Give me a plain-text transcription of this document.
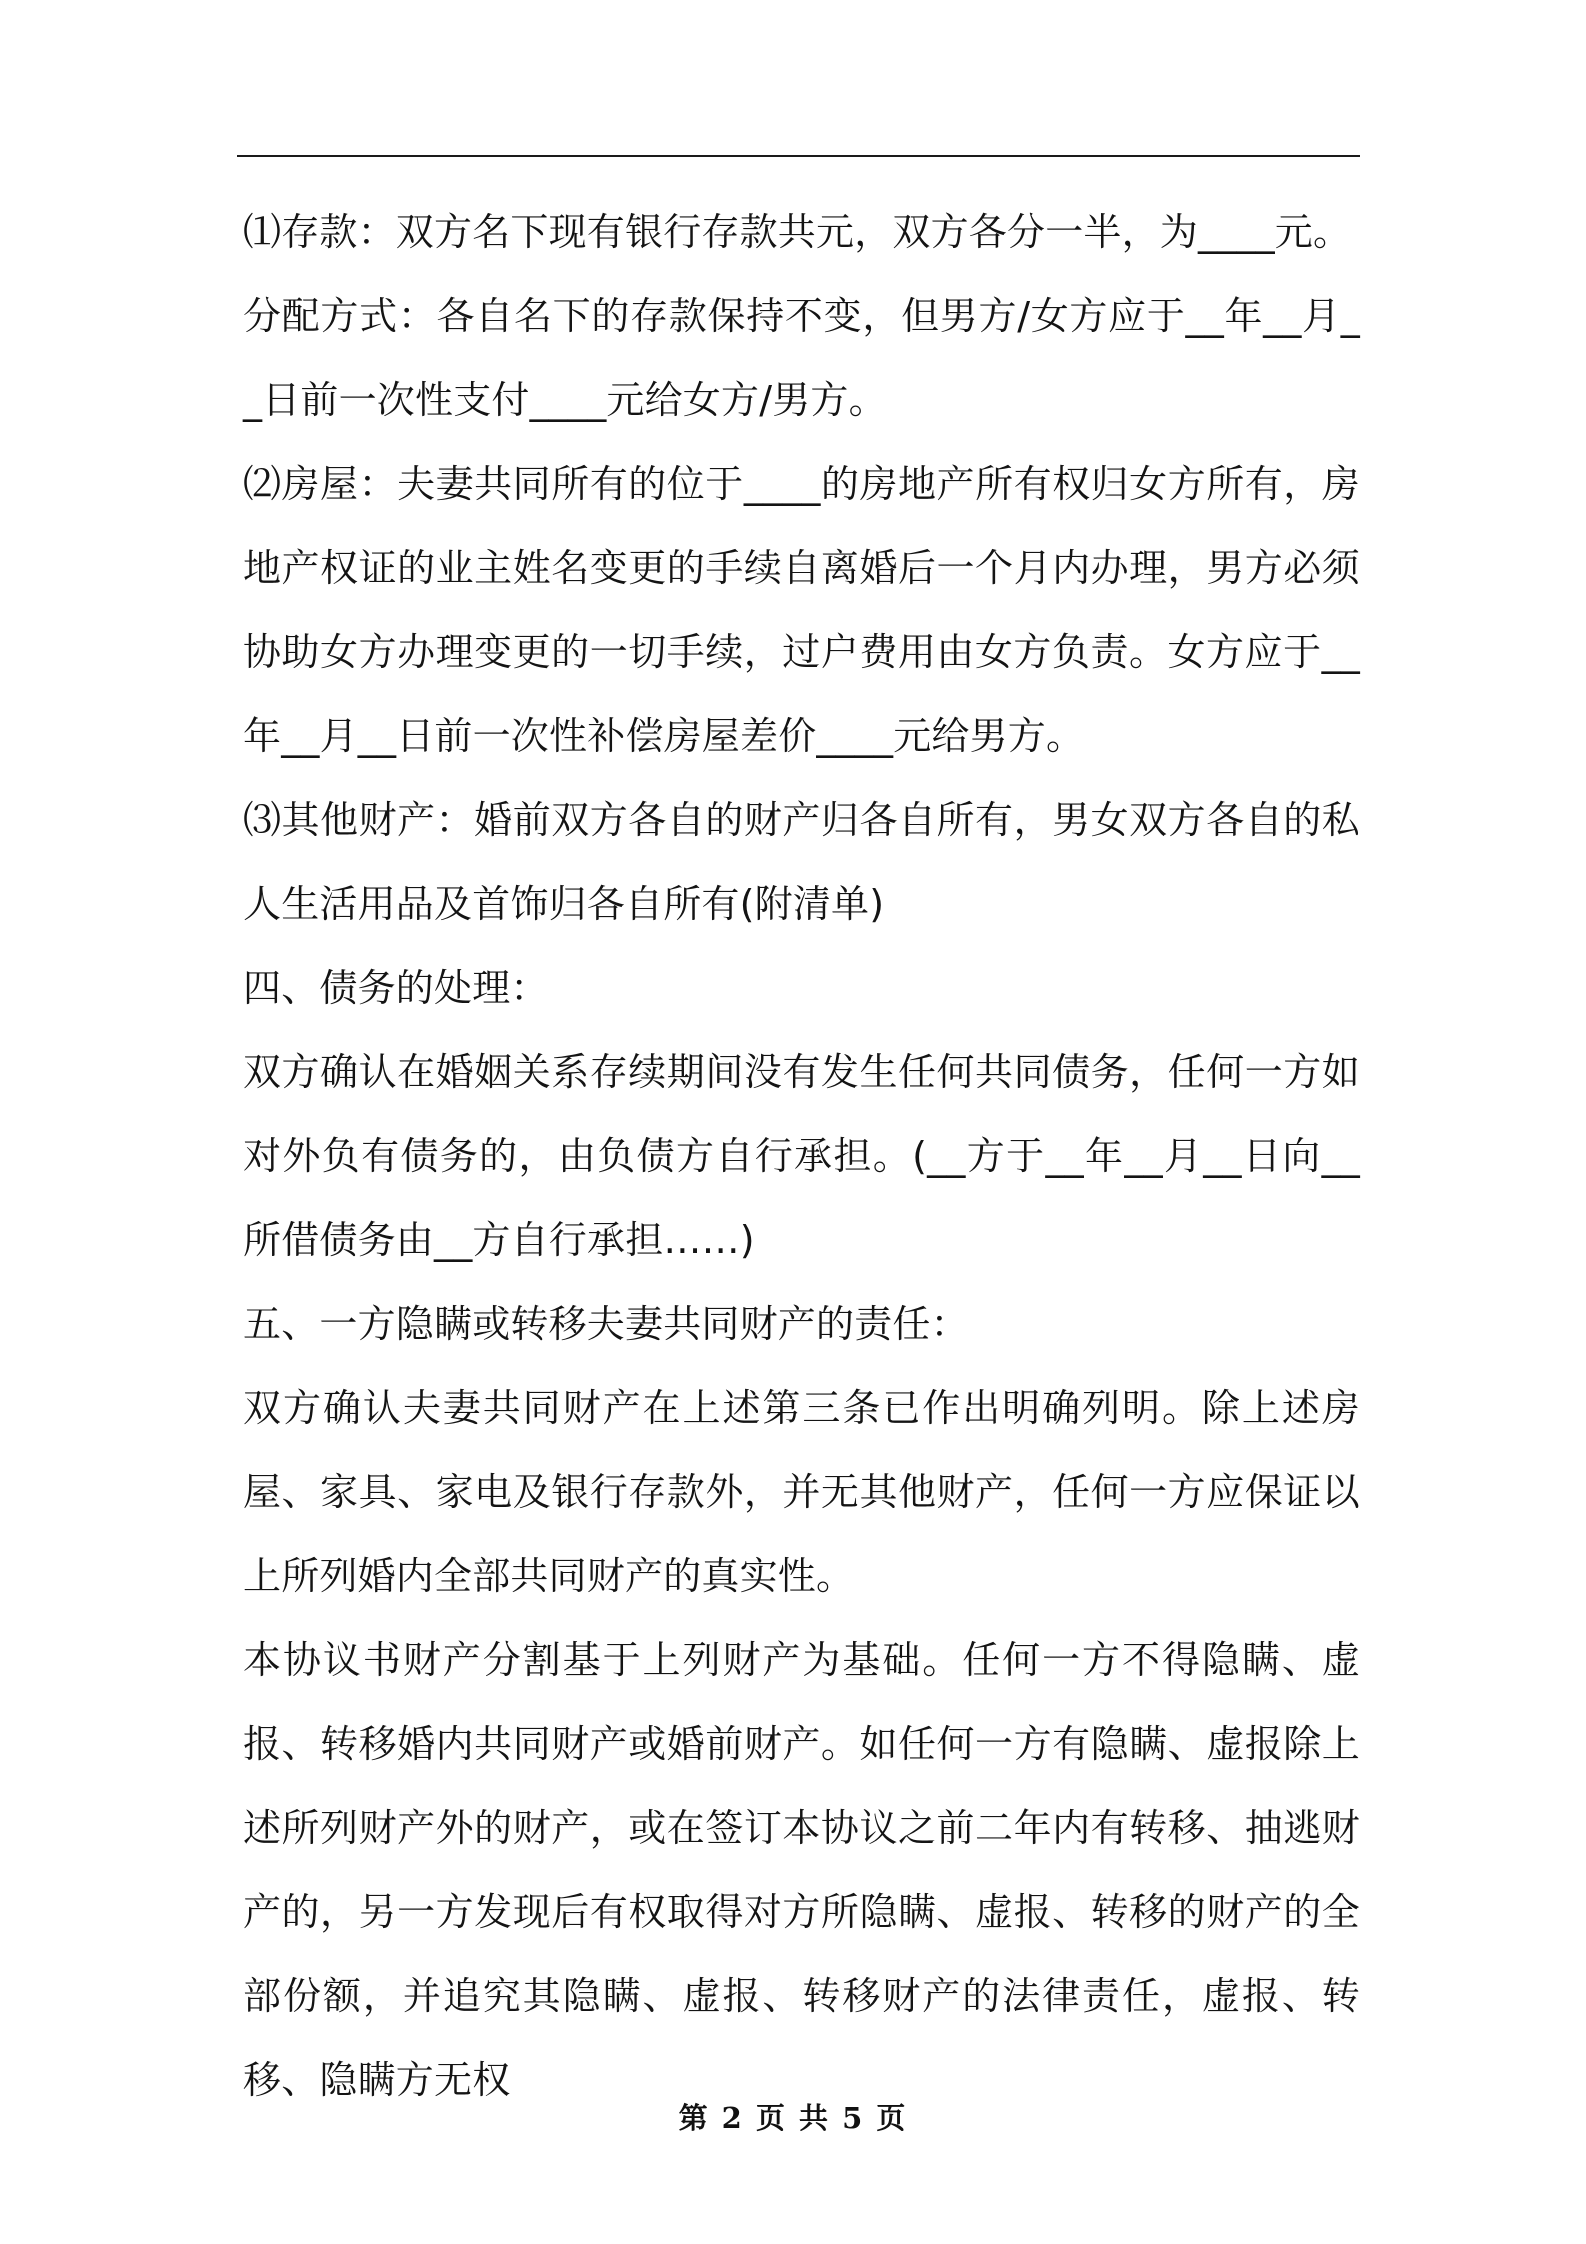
⑴存款：双方名下现有银行存款共元，双方各分一半，为____元。

分配方式：各自名下的存款保持不变，但男方/女方应于__年__月__日前一次性支付____元给女方/男方。

⑵房屋：夫妻共同所有的位于____的房地产所有权归女方所有，房地产权证的业主姓名变更的手续自离婚后一个月内办理，男方必须协助女方办理变更的一切手续，过户费用由女方负责。女方应于__年__月__日前一次性补偿房屋差价____元给男方。

⑶其他财产：婚前双方各自的财产归各自所有，男女双方各自的私人生活用品及首饰归各自所有(附清单)

四、债务的处理：

双方确认在婚姻关系存续期间没有发生任何共同债务，任何一方如对外负有债务的，由负债方自行承担。(__方于__年__月__日向__所借债务由__方自行承担……)

五、一方隐瞒或转移夫妻共同财产的责任：

双方确认夫妻共同财产在上述第三条已作出明确列明。除上述房屋、家具、家电及银行存款外，并无其他财产，任何一方应保证以上所列婚内全部共同财产的真实性。

本协议书财产分割基于上列财产为基础。任何一方不得隐瞒、虚报、转移婚内共同财产或婚前财产。如任何一方有隐瞒、虚报除上述所列财产外的财产，或在签订本协议之前二年内有转移、抽逃财产的，另一方发现后有权取得对方所隐瞒、虚报、转移的财产的全部份额，并追究其隐瞒、虚报、转移财产的法律责任，虚报、转移、隐瞒方无权

第 2 页 共 5 页
